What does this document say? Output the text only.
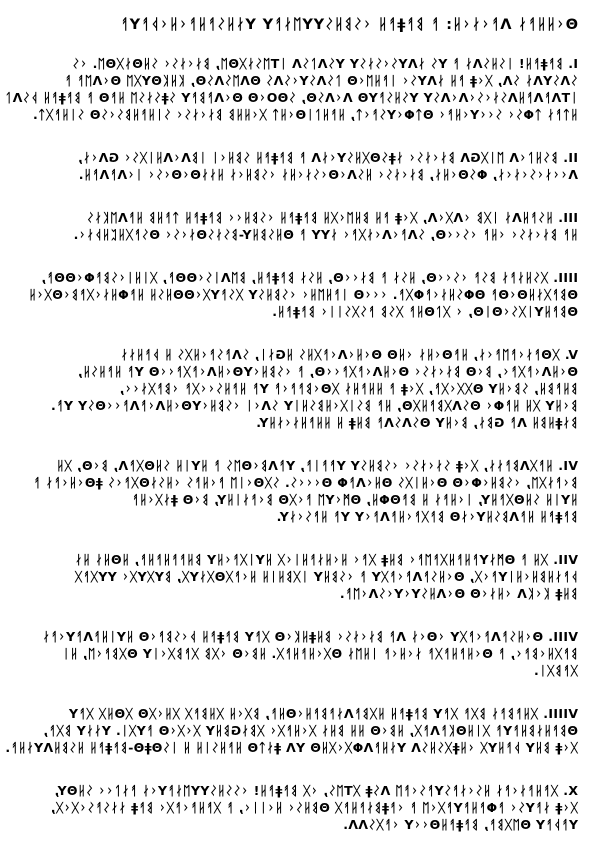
Θᚲᚺᚺᚨᚾ Λᚨᚲᚾᚲᚺ: ᚨ ᛒᚨǂᚨᚺ ᚲᛊᛒᚺᛊYYᛖᚾᚨY YᚾᚺᛊᚨᚺᚨᚲᚺᚲᚦᚨYᚨ
I. ᛒᚨǂᚨᚺ! ᛁᛊᚺᛊΛᚾ ᚨ Yᛊ ᚾΛYᛊᚲᛊᚾᛊY YᛊΛᛚᛊΛ ᛁTᛖᛊᚾᚷΘᛖ, ᛒᚾᚲᚾᛊᚲ ᛊᚺΘᚾᚷΘᛖ. ᚲᛊ
ᛊΛᛊYΛᚾ ᛊΛ, ᚷᚲǂ ᚨᚺ ᚾΛYᛊᚲ ᛁᚨᚺᛖᚲΘ ᛚᛊΛᛊYᚲᛊΛᛊ ΘΛᛖᛊΛᛊΘ, ᛕᚺᛕΘYᚷᛖ ΘᚲΛᛖᚨ ᚨ
ᛁTΛᚨΛᚨᚺΛᛊᚾᚲᛊᚲΛᚲΛᛊY YᛊᚺᛊᚨYΘ ΛᚲΛᛊΘ, ᛊΘΟᚲΘ ΘᚲΛᚨᛒᚨY ᛊǂᛊᚾᛊᛖ ᚺᚨΘ ᚨ ᛒᚨǂᚨᚺ ᚦᛊΛᛚ
ᚺᛏᚨᚾ ᛏΦᛊᚲ ᛊᚲᚲYᚲᚺᚨᚲ ΘᛏΦᚲYᛊᚨᚲᛏ, ᚺᚨᚺᛚᛁΘᚲᚺᛏ ᚷᚲᚺᚺᛒ ᛒᚾᚲᚾᛊᚲ ᛊᛁᚺᚨᚺᛒᛊᚲᛊΘ ᛊᛁᚺᚨᚷᛏ.
II. ᛒᛊᚺᛚᚲΛ ᛖᛁᚷGΛ ᛒᚾᚲᚾᛊᚲ ᚾǂᛊΘᚷᚺᛊYᚲᚾΛ ᚨ ᛒᚨǂᚨᚺ ᛊᛒᚺᚲᛁ ᛁᛒΛᚲΛᚺᛁᚷᛊᚲ GΛᚲᚾ,
Λᚲᚲᚾᚲᛊᚲᚾᚲᚾ, ΦᛊΘᚲᚺᚾ, ᛒᚾᚲᚾᛊᚲ ᚺᛊΛᚲΘᚲᛊᚾᚲᚺᚾ ᚲᛊᛒᚺᚲᚾ ᚺᚾᚾΘᚲΘᚲᛊᚲ ᛁᚲΛᚨΛᚨᚺ.
III. ᚺᛊᚨᚺΛᚾ ᛁᚷᛒ ᚲΛᚷᚲΛ, ᚷᚲǂ ᚨᚺ ᛒᚺᛖᚲᚷᚺ ᛒᚨǂᚨᚺ ᚲᛊᛒᚺᚲᚲ ᛒᚨǂᚨᚺ ᛏᚨᚺᛒ ᚺᚨΛᛖᛕᚾᛊ
ᚺᚨ ᛒᚾᚲᚾᛊᚲ ᚲᚺᚨ ᚲᛊᚲᚲΘ, ᛊΛᚨᚲΛᚲᚾᚷᚨᚲ ᚾYY ᚨ ΘᚺᛊᛒᚺY-ᛒᛊᚾᛊΘᚾᚲᛊᚲ Θᛊᚨᚷᚺᛈᚺᚦᚾᚲ.
IIII. ᚷᛊᚺᚾᚨᚾ ᛒᛊᚨ ᚲᛊᚲᚲΘ, ᚺᛊᚾ ᚨ ᛒᚾᚲᚲΘ, ᚺᛊᚾ ᛒᚨǂᚨᚺ, ᛒᛖΛᛁᛊᚲΘΘᚨ, ᚷᛁᚺᛁᚲᛊᛒᚨΦᚲΘΘᚨ,
ΘᛒᚨᚷᚾᚺΘᚲΘᚨ ΘΦᛊᚺᚾᚲᚨΦᚷᚨ. ᚲᚲᚲΘ ᛁᚨᚺᛖᚺᚲ ᚲᛊᛒᚺᛊY ᚷᛊᚨYᚷᚲΘΘᚺᛊᚺ ᚺᚨΦᚺᚾᚲᚷᚨᛒᚲΘᚷᚲᚺ
ΘᛒᚨᚺYᛁᚷᛊᚲΘᛁΘ, ᚲ ᚷᛚΘᚺᚨ ᚷᛊᛒ ᚨᛊᚷᛊᛁᛁᚲ ᛒᚨǂᚨᚺ.
V. ᚷΘᚨᚾᚲᚨᛖᚨᚲᚾ, ᚺᚨΘᚲᚺᚾ ᚲᚺΘ ΘᚲᚺᚲΛᚲᚨᚷᚺᛊ ᚺGᚾᛁ, ᛊΛᚨᛊᚨᚲᚺᚷᛊ ᚺ ᚦᚨᚺᚾᚾ
ΘᚲᚺΛᚲᚨᚷᚨᚲ, ᛒᚲΘ ᛒᚾᚲᚾᛊᚲ ΘᚲᚺΛᚲᚨᚷᚨᚲᚲΘ, ᚨ ᚲᛊᛒᚺᚲYΘᚲᚺΛᚲᚨᚷᚨᚲᚲΘ Yᚨ ᚺᚨᚺᛊᚺ,
ᛒᚺᚨᛒᚺ, ᛊᛒᚲᚺY Θᚷᚷᚲᚷᚨ, ᚷᚲǂ ᚨ ᚺᚺᚨᚺᚾ ᚷΘᚲᛒᚨᚨᚲᚨ Yᚨ ᚺᚨᚺᛊᚲᚲᚷᚨ ᚲᛒᚨᚷᚾᚲᚲ,
ᛒᚲᚺY ᚷᚺ ᚺᚨΦᚲ ΘᛊΛᚷᛒᚨᚺᚷΘ, ᚺᚨ ᛒᛊᛁᚷᚲᚺᛒᛊᚺᛁY ᛊΛᚲᛁ ᚲᛊᛒᚺᚲYΘᚲᚺΛᚲᚨΛᚨᚲᚲΘᛊY Yᚨ.
ᛒᚾǂᚺᛒᚺ Λᚨ Gᛒᚾ, ᛒᚲᚺY ΘᛊΛᛊΛᚨ ᛒᚺǂ ᚺ ᚺᚺᚨᚺᚾᚲᚾᚺY.
VI. ᚺᚨᚷΛᛒᚨᚾᚾ, ᚷᚲǂ ᛊᚾᚲᚾᛊᚲ ᚲᛊᛒᚺᛊY Yᚨᚨᛁᚨ, YᚨΛᛒᚲΘᛖᛊ ᚨ ᚺYᛁᚺ ᛊᚺΘᚷᚨΛ, ᛒᚲΘ, ᚷᚺ
ᛒᚲᚨᚾᚷᛖ, ᚲᛊᛒᚺᚲΦᚲΘ Θᚲᚺᛁᚷᛊ ΘᚺᚲΛᚨΦ Θᚲᚲᚲᛊ. ᛊᚷΘᚲᛁᛖ ᚨᚲᚺᚨᛊ ᚲᚺᛊᚾΘᚷᚨᚲᛊ ǂΘᚲᚺᚲᚨᚾ ᚨ
ᚺYᛁᚺ ᛊᚺΘᚷᚨᚺY, ᛁᚲᚺᚨᚾ ᚺ ᛒᚨΘΦᚺ, ΘᛗᚲYᛖ ᚨᚲᚷΘ ᛒᚲᚨᚾᛁᚺY, ᛒᚲΘ ǂᚾᚷᚲᚺᚨ
ᛒᚨǂᚨᚺ ᚺᚨΛᛒᛊᚺYᚲᚾΘ ᛒᚨᚷᚨᚲᚺᚨΛᚨᚲY Yᚨ ᚺᚨᛊᚲᚾY.
VII. ᚷᚺ ᚨ ΘᛗᚾYᚨᚺᚨᚺᚷᚨᛖᚨᚲ ᛒᚺǂ ᚷᚨᚲ ᚺᚲᚺᚾᚨᚺᛁᚲᚷ ᚺYᛁᚷᚨᚲᚺY ᛒᚺᚨᚨᚺᚨᚺᚨ, ᚺΘᚺᚾ ᚺᚾ
ᚦᚨᚾᚺᛒᚺᚲᚺᛁYᚨᚲᚷ, ΘᚲᚺᛊᚨΛᚨᚲᚨᚷY ᚨ ᚲᛊᛒᚺY ᛁᚷᛒᚺᛁᚺ ᚺᚲᚨᚷΘᚷᚾYᚷ, ᛒYᚷYᚷᚲ YYᚷᚨᚷ
ᛒᚺǂ ᛕᚲᛕΛ ᚲᚺᚾᚲΘ ΘᚲΛᚺᛊYᚲYᚲᛊΛᚲᛖᚨ.
VIII. ΘᚲᚺᛊᚨΛᚨᚲᚨᚷY ᚲΘᚲᚾ Λᚨ ᛒᚾᚲᚾᛊᚲ ᛒᚺǂᚺᛕᚲΘ ᚷᚨY ᛒᚨǂᚨᚺ ᚦᚲᛊᛒᚨᚲΘ ᚺYᛁᚺᚨΛᚨYᚲᚨᚾ
ᛒᚨᚷᚺᚲᛒᚨᚲ, ᚨ Θᚲᚺᚨᚺᚨᚷᚨ ᚾᚲᚺᚲᚨ ᛁᚺᛖᚾ Θᚷᚲᚺᚨᚺᚨᚷ. ᚺᛒᚲΘ ᚲᚷᛒ ᚷᚨᛒᚷᚲᛁY Θᚷᛒᚨᚲᛖ, ᚺᛁ
ᚷᚨᛒᚷᛁ.
VIIII. ᚷᚺᚨᛒᚨᚾ ᛒᚷᚨ ᚷᚨY ᛒᚨǂᚨᚺ ᚺᚷᛒᚨΛᚾᚨᛒᚨᚺᚲΘᚺᚨ, ᛒᚷᚲᚺ ᚷᚺᛒᚨᚷ ᚷᚺᚲᚷΘ ᚷΘᚺᚷ ᚷᚨY
ΘᛒᚨᚺᚾᛒᚺᚨYᚨ ᚷᛁᚺΘᛕᚨΛᚨᚷ, ᚺᛒᚲΘ ᚺᚺ ᛒᚺᚾ ᚷᚲᚺᚨᚷᚲ ᚷᛒᚾGᛒᚺY ᚷᚲᚷᚲΘ ᚨYᚷᛁ. YᚾᚾY ᛒᚷᚨ,
ᚷᚲǂ ᛒᚺY ᚦᚨᚺYᚷ ᚲᚺǂᚷᛊᚺᛊΛ YᚾᚺᚨΛΦᚷᚲᚷᚺΘ YΛ ǂᚾᛏΘ ᚺᚨᚺᛊᛁᚺ ᚺ ᛁᛊΘǂΘ-ᛒᚨǂᚨᚺ ᚺᛊᛒᚺΛYᚾᚺᚨ.
X. ᚷᚨᚺᚨᚾᚲᚨᚾ ᚺᛊᚲᚾᚨᛊYᚨᛊᚲᚨᛖ Λᛊǂ ᚷTᛖᛊ, ᚲᚷ ᛒᚨǂᚨᚺ! ᚲᛊᛊᚺᛊYYᛖᚾᚨYᚲᚾ ᚨᚾᛚᚲᚲ ᛊᚺΘY,
ᚷᚲǂ ᚾᚨYᛊᚲ ᚨΦᚨᚺᚨYᚨᚷᚲᛖ ᚨ ᚲᚨǂᛒᚾᚨᚺᚨᚷ Θᛒᚺᛊᚲ ᚺᚲᛁᛁᚲ, ᚨ ᚷᚨᚺᚨᚲᚨᚷᚲ ᛒᚨǂ ᚾᚾᛊᚨᛊᚲᚷᚲᚷ,
YᚨᚦᚨY Θᛖᚷᛒᚨ, ᛒᚨǂᚨᚺΘᚲᚲY ᚲᚨᚷᛊΛΛ.
